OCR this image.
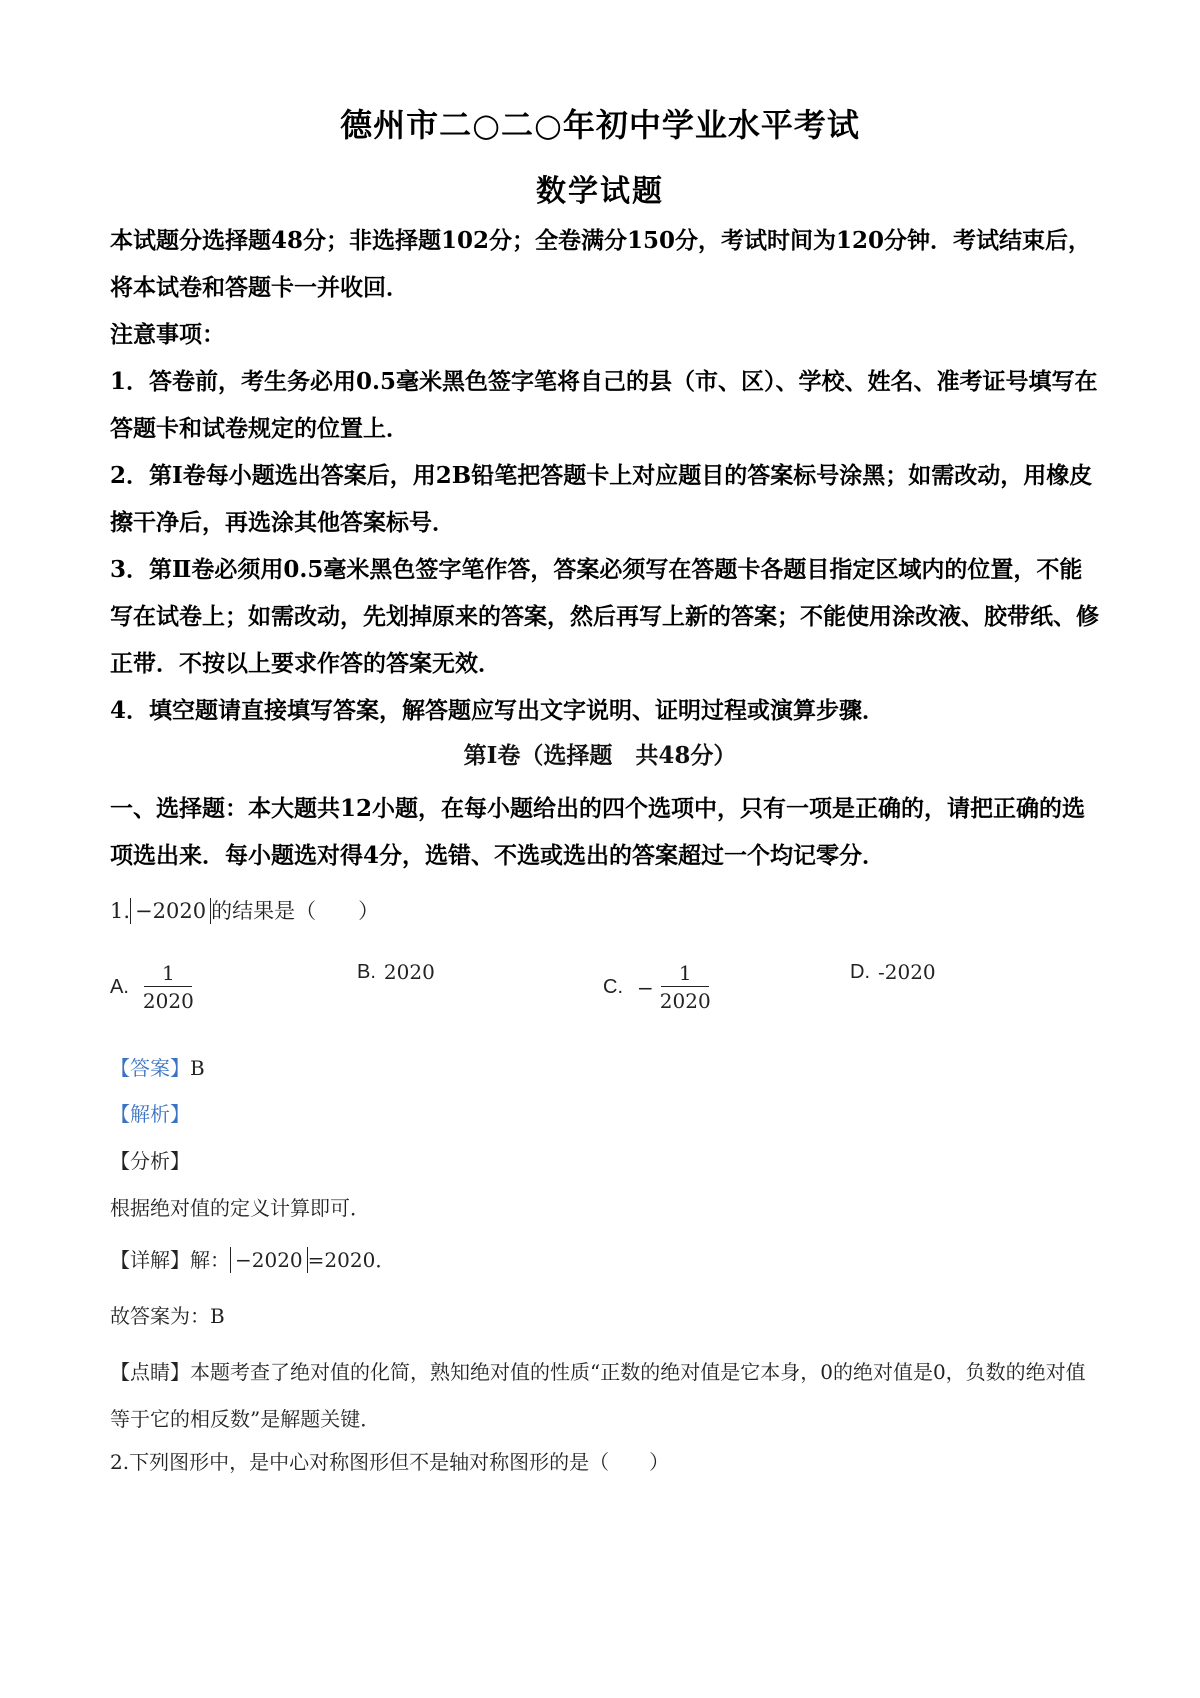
德州市二○二○年初中学业水平考试
数学试题
本试题分选择题48分；非选择题102分；全卷满分150分，考试时间为120分钟．考试结束后，将本试卷和答题卡一并收回．
注意事项：
1．答卷前，考生务必用0.5毫米黑色签字笔将自己的县（市、区）、学校、姓名、准考证号填写在答题卡和试卷规定的位置上．
2．第Ⅰ卷每小题选出答案后，用2B铅笔把答题卡上对应题目的答案标号涂黑；如需改动，用橡皮擦干净后，再选涂其他答案标号．
3．第Ⅱ卷必须用0.5毫米黑色签字笔作答，答案必须写在答题卡各题目指定区域内的位置，不能写在试卷上；如需改动，先划掉原来的答案，然后再写上新的答案；不能使用涂改液、胶带纸、修正带．不按以上要求作答的答案无效．
4．填空题请直接填写答案，解答题应写出文字说明、证明过程或演算步骤．
第Ⅰ卷（选择题　共48分）
一、选择题：本大题共12小题，在每小题给出的四个选项中，只有一项是正确的，请把正确的选项选出来．每小题选对得4分，选错、不选或选出的答案超过一个均记零分．
1. −2020 的结果是（　　）
A. $\frac{1}{2020}$	B. 2020
C. − $\frac{1}{2020}$	D. -2020
【答案】B
【解析】
【分析】
根据绝对值的定义计算即可．
【详解】解： −2020 =2020．
故答案为：B
【点睛】本题考查了绝对值的化简，熟知绝对值的性质“正数的绝对值是它本身，0的绝对值是0，负数的绝对值等于它的相反数”是解题关键．
2.下列图形中，是中心对称图形但不是轴对称图形的是（　　）
